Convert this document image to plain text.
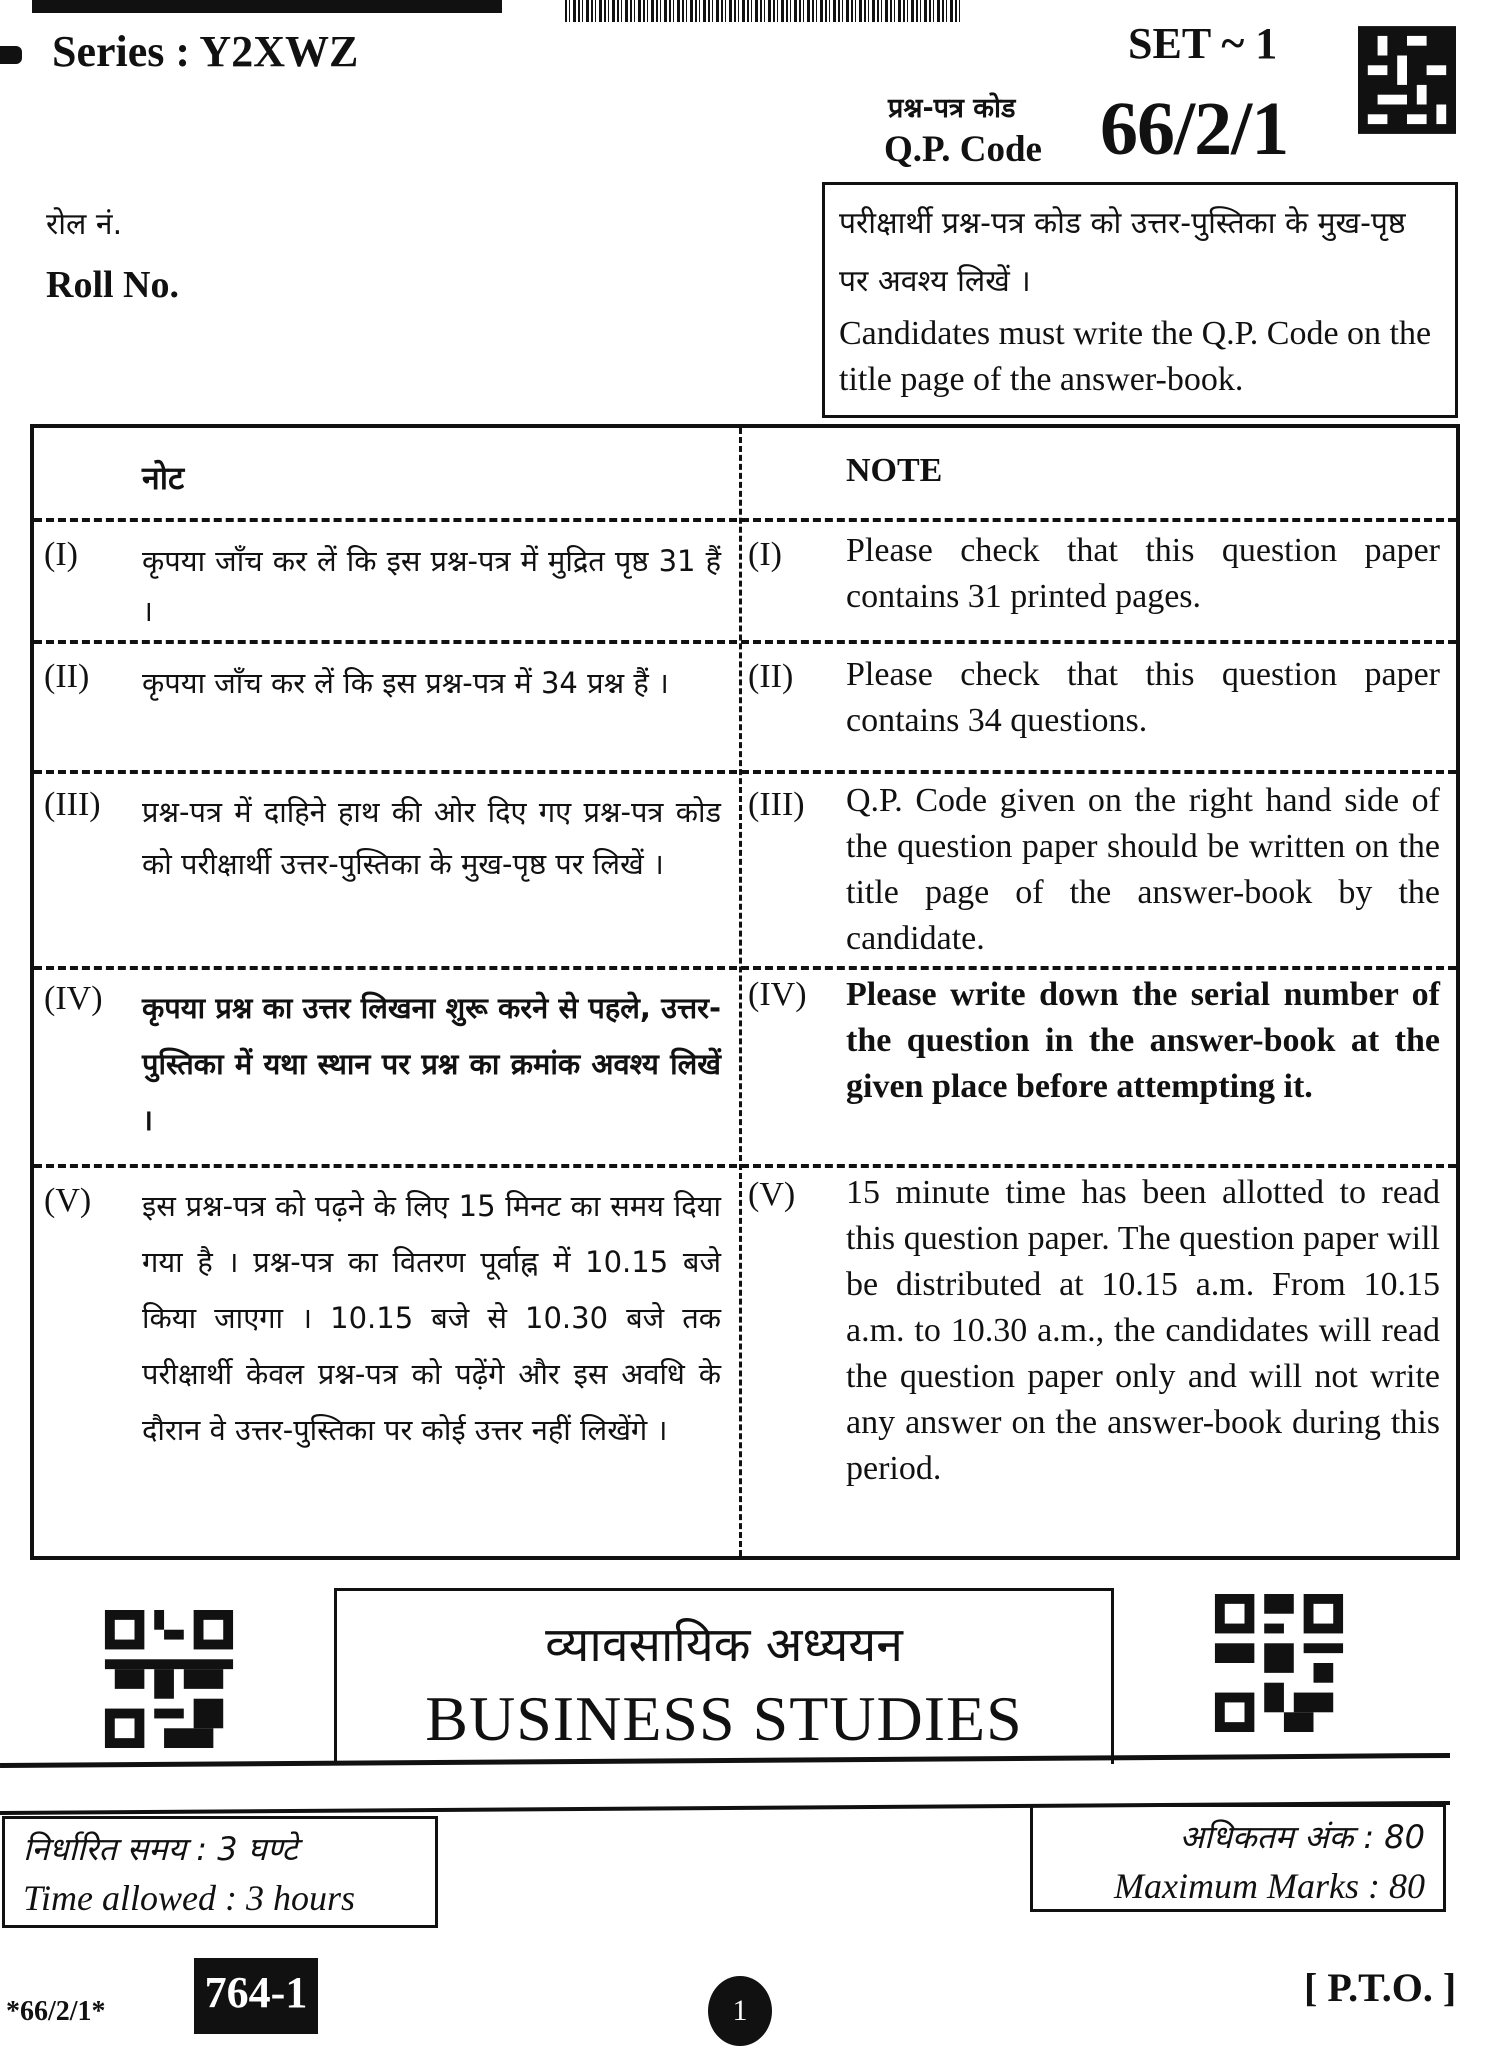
Series : Y2XWZ	SET ~ 1
प्रश्न-पत्र कोड
Q.P. Code 66/2/1
रोल नं.
Roll No.
परीक्षार्थी प्रश्न-पत्र कोड को उत्तर-पुस्तिका के मुख-पृष्ठ पर अवश्य लिखें ।
Candidates must write the Q.P. Code on the title page of the answer-book.
नोट	NOTE
(I) कृपया जाँच कर लें कि इस प्रश्न-पत्र में मुद्रित पृष्ठ 31 हैं ।
(I) Please check that this question paper contains 31 printed pages.
(II) कृपया जाँच कर लें कि इस प्रश्न-पत्र में 34 प्रश्न हैं ।	(II) Please check that this question paper contains 34 questions.
(III) प्रश्न-पत्र में दाहिने हाथ की ओर दिए गए प्रश्न-पत्र कोड को परीक्षार्थी उत्तर-पुस्तिका के मुख-पृष्ठ पर लिखें ।
(III) Q.P. Code given on the right hand side of the question paper should be written on the title page of the answer-book by the candidate.
(IV) कृपया प्रश्न का उत्तर लिखना शुरू करने से पहले, उत्तर-पुस्तिका में यथा स्थान पर प्रश्न का क्रमांक अवश्य लिखें ।
(IV) Please write down the serial number of the question in the answer-book at the given place before attempting it.
(V) इस प्रश्न-पत्र को पढ़ने के लिए 15 मिनट का समय दिया गया है । प्रश्न-पत्र का वितरण पूर्वाह्न में 10.15 बजे किया जाएगा । 10.15 बजे से 10.30 बजे तक परीक्षार्थी केवल प्रश्न-पत्र को पढ़ेंगे और इस अवधि के दौरान वे उत्तर-पुस्तिका पर कोई उत्तर नहीं लिखेंगे ।
(V) 15 minute time has been allotted to read this question paper. The question paper will be distributed at 10.15 a.m. From 10.15 a.m. to 10.30 a.m., the candidates will read the question paper only and will not write any answer on the answer-book during this period.
व्यावसायिक अध्ययन
BUSINESS STUDIES
निर्धारित समय : 3 घण्टे
Time allowed : 3 hours
अधिकतम अंक : 80
Maximum Marks : 80
*66/2/1* 764-1	1
[ P.T.O. ]
